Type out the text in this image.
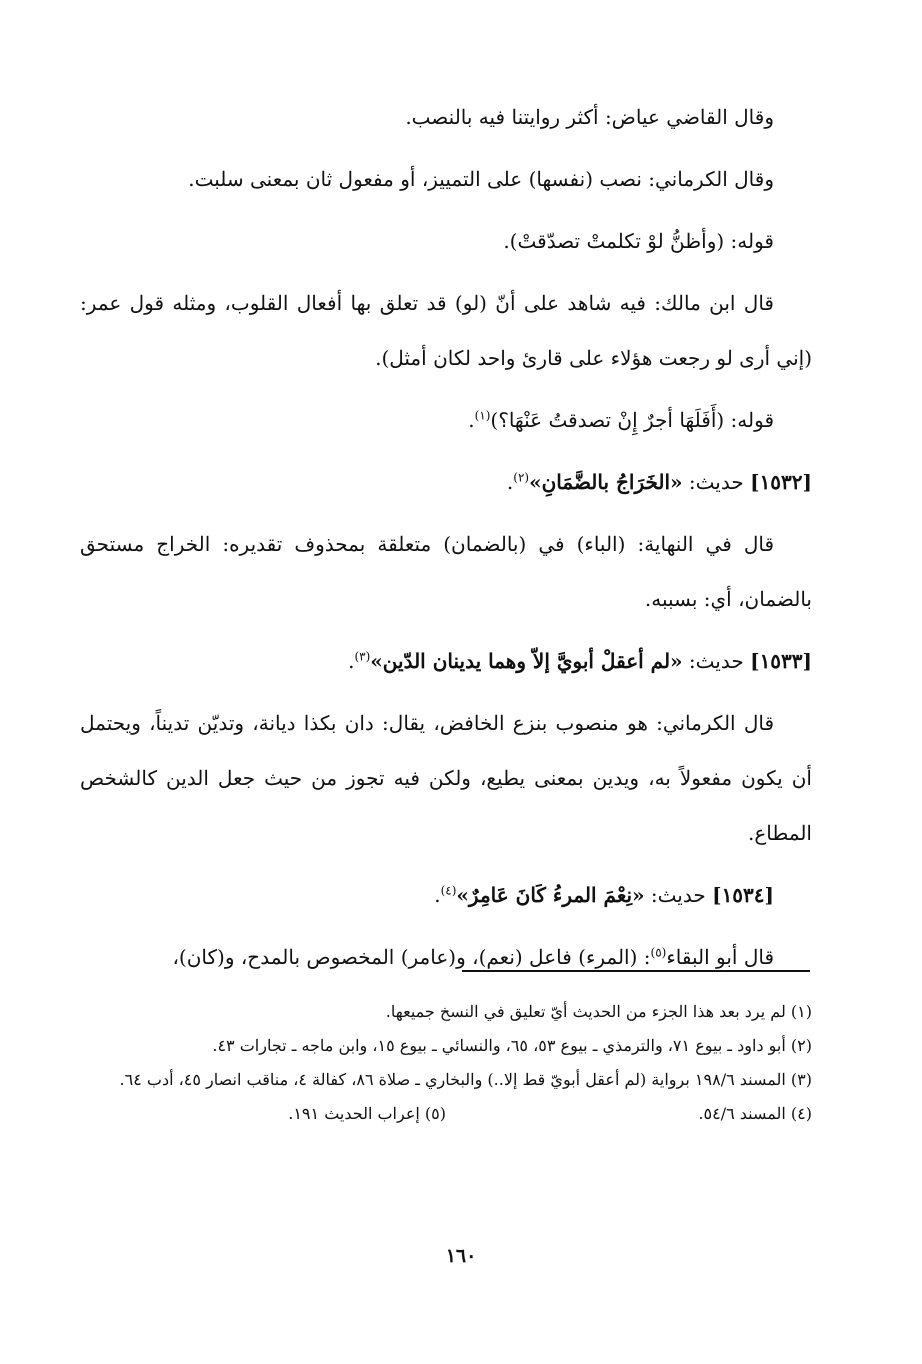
وقال القاضي عياض: أكثر روايتنا فيه بالنصب.

وقال الكرماني: نصب (نفسها) على التمييز، أو مفعول ثان بمعنى سلبت.

قوله: (وأظنُّ لوْ تكلمتْ تصدّقتْ).

قال ابن مالك: فيه شاهد على أنّ (لو) قد تعلق بها أفعال القلوب، ومثله قول عمر: (إني أرى لو رجعت هؤلاء على قارئ واحد لكان أمثل).

قوله: (أَفَلَهَا أجرٌ إِنْ تصدقتُ عَنْهَا؟)$^{(١)}$.

[١٥٣٢] حديث: «الخَرَاجُ بالضَّمَانِ»$^{(٢)}$.

قال في النهاية: (الباء) في (بالضمان) متعلقة بمحذوف تقديره: الخراج مستحق بالضمان، أي: بسببه.

[١٥٣٣] حديث: «لم أعقلْ أبويَّ إلاّ وهما يدينان الدّين»$^{(٣)}$.

قال الكرماني: هو منصوب بنزع الخافض، يقال: دان بكذا ديانة، وتديّن تديناً، ويحتمل أن يكون مفعولاً به، ويدين بمعنى يطيع، ولكن فيه تجوز من حيث جعل الدين كالشخص المطاع.

[١٥٣٤] حديث: «نِعْمَ المرءُ كَانَ عَامِرٌ»$^{(٤)}$.

قال أبو البقاء$^{(٥)}$: (المرء) فاعل (نعم)، و(عامر) المخصوص بالمدح، و(كان)،

(١) لم يرد بعد هذا الجزء من الحديث أيّ تعليق في النسخ جميعها.

(٢) أبو داود ـ بيوع ٧١، والترمذي ـ بيوع ٥٣، ٦٥، والنسائي ـ بيوع ١٥، وابن ماجه ـ تجارات ٤٣.

(٣) المسند ١٩٨/٦ برواية (لم أعقل أبويّ قط إلا..) والبخاري ـ صلاة ٨٦، كفالة ٤، مناقب انصار ٤٥، أدب ٦٤.

(٤) المسند ٥٤/٦.

(٥) إعراب الحديث ١٩١.

١٦٠
